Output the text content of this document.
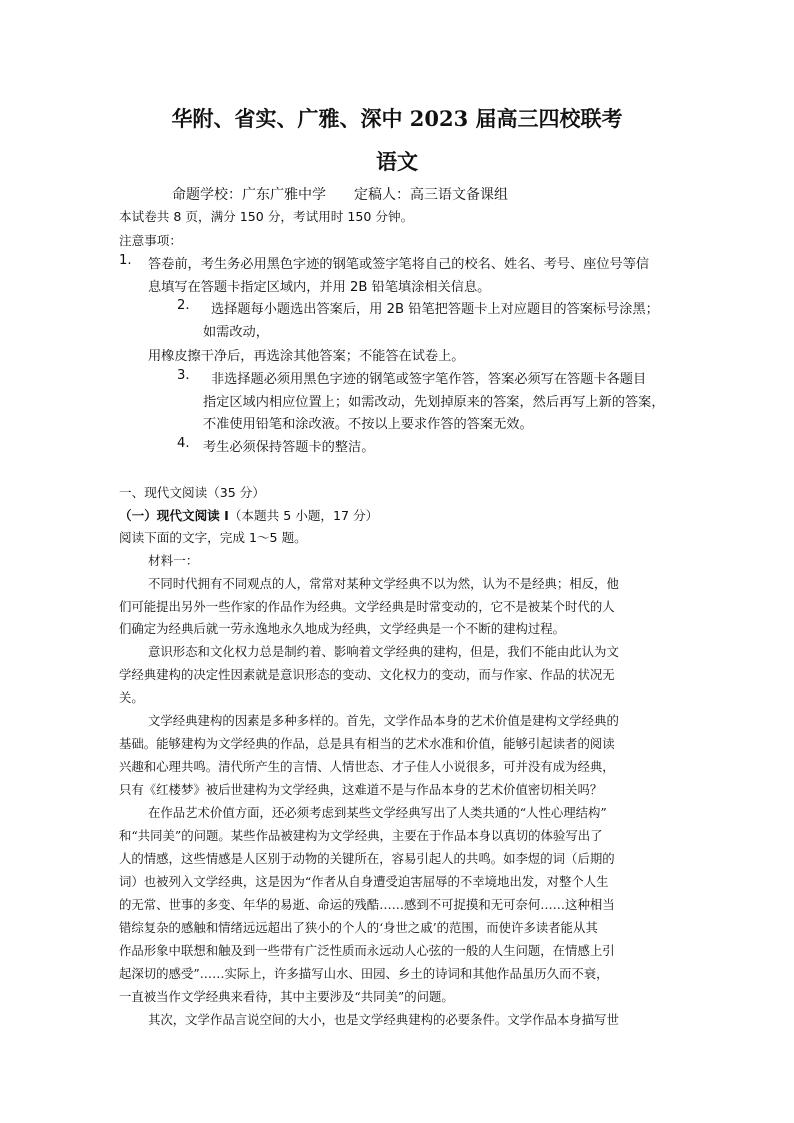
华附、省实、广雅、深中 2023 届高三四校联考
语文
命题学校：广东广雅中学　　定稿人：高三语文备课组
本试卷共 8 页，满分 150 分，考试用时 150 分钟。
注意事项：
1. 答卷前，考生务必用黑色字迹的钢笔或签字笔将自己的校名、姓名、考号、座位号等信
息填写在答题卡指定区域内，并用 2B 铅笔填涂相关信息。
2. 选择题每小题选出答案后，用 2B 铅笔把答题卡上对应题目的答案标号涂黑；
如需改动，
用橡皮擦干净后，再选涂其他答案；不能答在试卷上。
3. 非选择题必须用黑色字迹的钢笔或签字笔作答，答案必须写在答题卡各题目
指定区域内相应位置上；如需改动，先划掉原来的答案，然后再写上新的答案，
不准使用铅笔和涂改液。不按以上要求作答的答案无效。
4. 考生必须保持答题卡的整洁。
一、现代文阅读（35 分）
（一）现代文阅读 I（本题共 5 小题，17 分）
阅读下面的文字，完成 1～5 题。
材料一：
不同时代拥有不同观点的人，常常对某种文学经典不以为然，认为不是经典；相反，他
们可能提出另外一些作家的作品作为经典。文学经典是时常变动的，它不是被某个时代的人
们确定为经典后就一劳永逸地永久地成为经典，文学经典是一个不断的建构过程。
意识形态和文化权力总是制约着、影响着文学经典的建构，但是，我们不能由此认为文
学经典建构的决定性因素就是意识形态的变动、文化权力的变动，而与作家、作品的状况无
关。
文学经典建构的因素是多种多样的。首先，文学作品本身的艺术价值是建构文学经典的
基础。能够建构为文学经典的作品，总是具有相当的艺术水准和价值，能够引起读者的阅读
兴趣和心理共鸣。清代所产生的言情、人情世态、才子佳人小说很多，可并没有成为经典，
只有《红楼梦》被后世建构为文学经典，这难道不是与作品本身的艺术价值密切相关吗？
在作品艺术价值方面，还必须考虑到某些文学经典写出了人类共通的“人性心理结构”
和“共同美”的问题。某些作品被建构为文学经典，主要在于作品本身以真切的体验写出了
人的情感，这些情感是人区别于动物的关键所在，容易引起人的共鸣。如李煜的词（后期的
词）也被列入文学经典，这是因为“作者从自身遭受迫害屈辱的不幸境地出发，对整个人生
的无常、世事的多变、年华的易逝、命运的残酷……感到不可捉摸和无可奈何……这种相当
错综复杂的感触和情绪远远超出了狭小的个人的‘身世之戚’的范围，而使许多读者能从其
作品形象中联想和触及到一些带有广泛性质而永远动人心弦的一般的人生问题，在情感上引
起深切的感受”……实际上，许多描写山水、田园、乡土的诗词和其他作品虽历久而不衰，
一直被当作文学经典来看待，其中主要涉及“共同美”的问题。
其次，文学作品言说空间的大小，也是文学经典建构的必要条件。文学作品本身描写世
